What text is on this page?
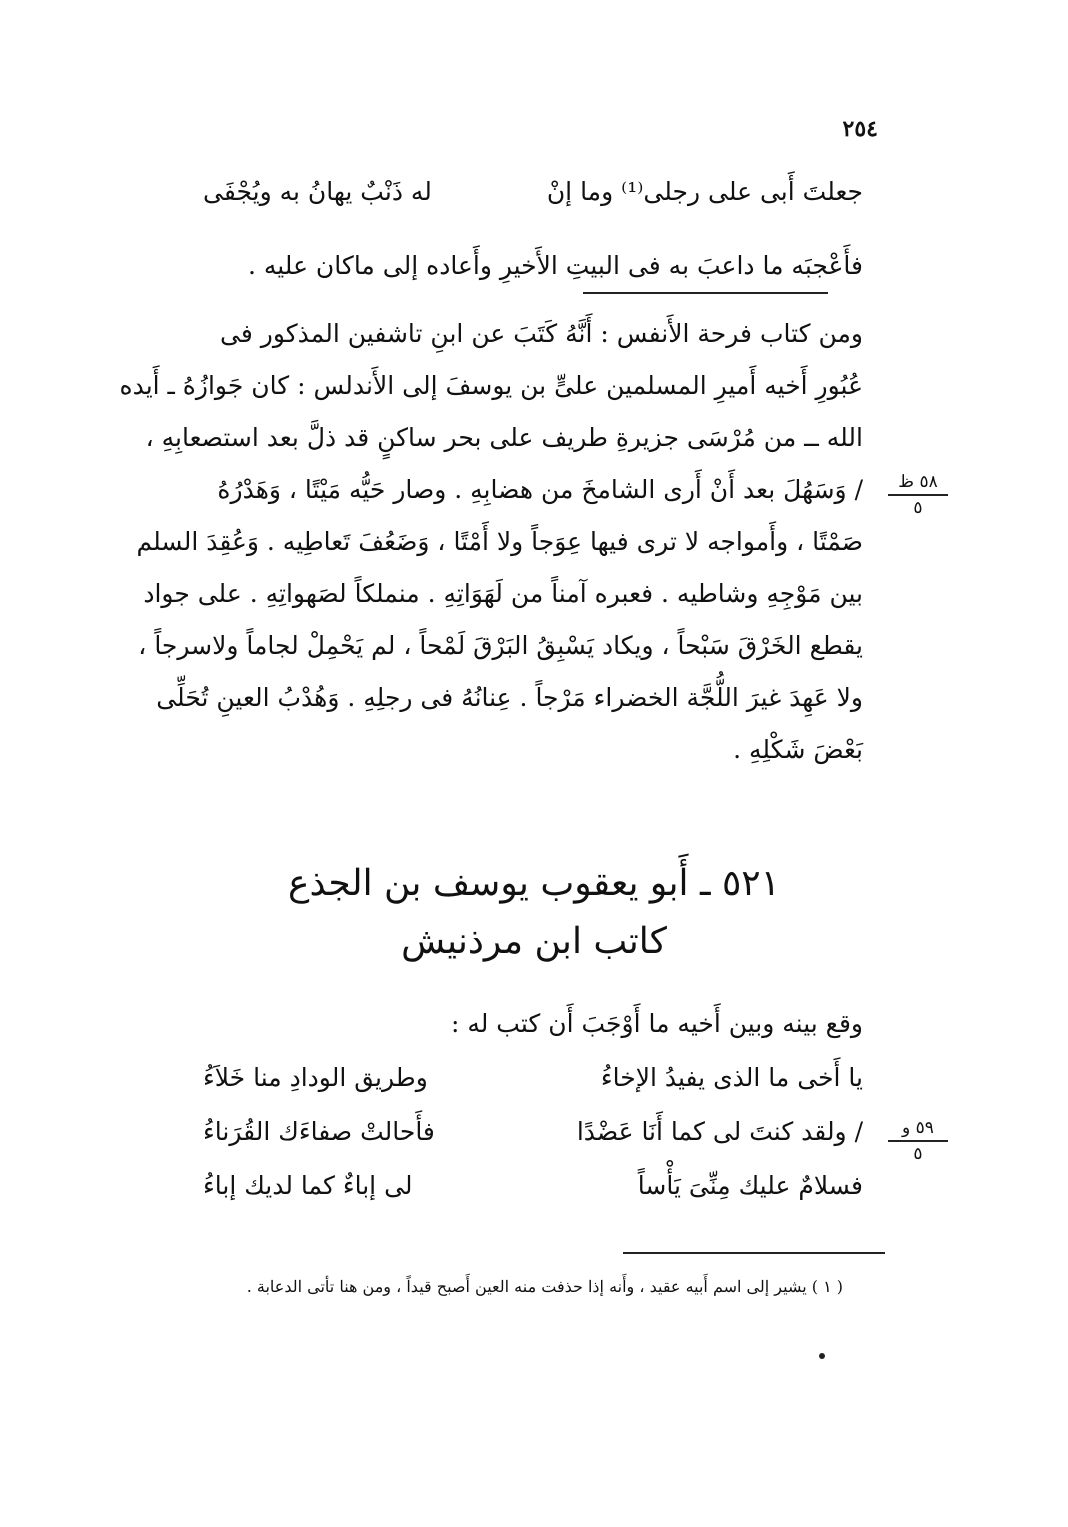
٢٥٤
جعلتَ أَبى على رجلى⁽¹⁾ وما إنْ
له ذَنْبٌ يهانُ به ويُجْفَى
فأَعْجبَه ما داعبَ به فى البيتِ الأَخيرِ وأَعاده إلى ماكان عليه .
ومن كتاب فرحة الأَنفس : أَنَّهُ كَتَبَ عن ابنِ تاشفين المذكور فى
عُبُورِ أَخيه أَميرِ المسلمين علىٍّ بن يوسفَ إلى الأَندلس : كان جَوازُهُ ـ أَيده
الله ــ من مُرْسَى جزيرةِ طريف على بحر ساكنٍ قد ذلَّ بعد استصعابِهِ ،
/ وَسَهُلَ بعد أَنْ أَرى الشامخَ من هضابِهِ . وصار حَيُّه مَيْتًا ، وَهَدْرُهُ
صَمْتًا ، وأَمواجه لا ترى فيها عِوَجاً ولا أَمْتًا ، وَضَعُفَ تَعاطِيه . وَعُقِدَ السلم
بين مَوْجِهِ وشاطيه . فعبره آمناً من لَهَوَاتِهِ . منملكاً لصَهواتِهِ . على جواد
يقطع الخَرْقَ سَبْحاً ، ويكاد يَسْبِقُ البَرْقَ لَمْحاً ، لم يَحْمِلْ لجاماً ولاسرجاً ،
ولا عَهِدَ غيرَ اللُّجَّة الخضراء مَرْجاً . عِنانُهُ فى رجلِهِ . وَهُدْبُ العينِ تُحَلِّى
بَعْضَ شَكْلِهِ .
٥٨ ظ
٥
٥٢١ ـ أَبو يعقوب يوسف بن الجذع
كاتب ابن مرذنيش
وقع بينه وبين أَخيه ما أَوْجَبَ أَن كتب له :
يا أَخى ما الذى يفيدُ الإخاءُ
وطريق الودادِ منا خَلاَءُ
/ ولقد كنتَ لى كما أَنَا عَضْدًا
فأَحالتْ صفاءَك القُرَناءُ
فسلامٌ عليك مِنِّىَ يَأْساً
لى إباءٌ كما لديك إباءُ
٥٩ و
٥
( ١ ) يشير إلى اسم أَبيه عقيد ، وأَنه إذا حذفت منه العين أَصبح قيداً ، ومن هنا تأتى الدعابة .
